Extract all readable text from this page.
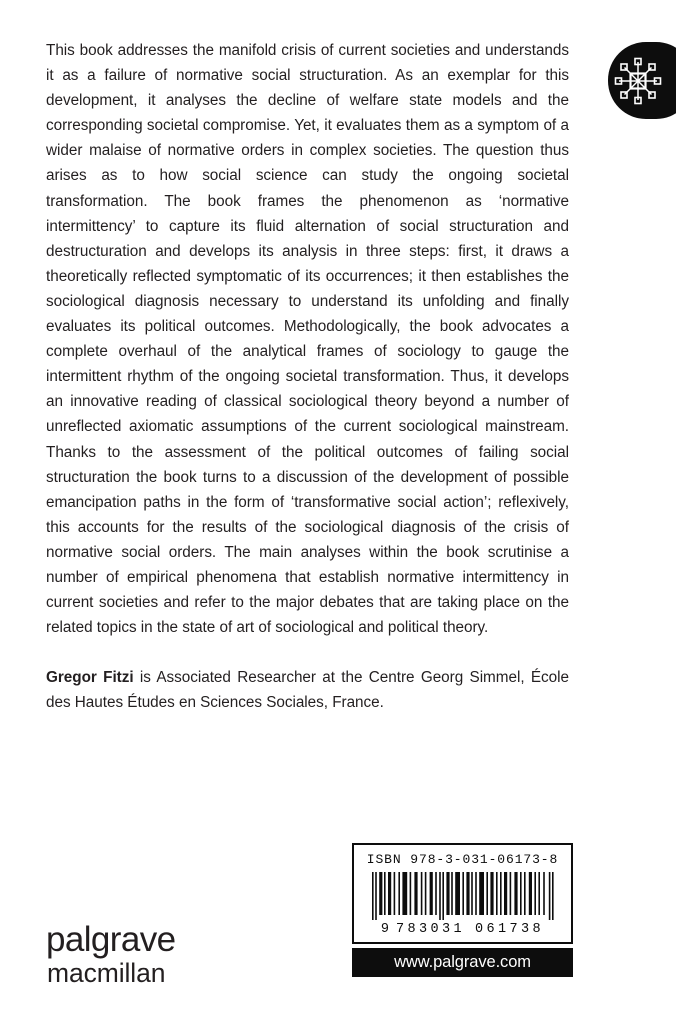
This book addresses the manifold crisis of current societies and understands it as a failure of normative social structuration. As an exemplar for this development, it analyses the decline of welfare state models and the corresponding societal compromise. Yet, it evaluates them as a symptom of a wider malaise of normative orders in complex societies. The question thus arises as to how social science can study the ongoing societal transformation. The book frames the phenomenon as ‘normative intermittency’ to capture its fluid alternation of social structuration and destructuration and develops its analysis in three steps: first, it draws a theoretically reflected symptomatic of its occurrences; it then establishes the sociological diagnosis necessary to understand its unfolding and finally evaluates its political outcomes. Methodologically, the book advocates a complete overhaul of the analytical frames of sociology to gauge the intermittent rhythm of the ongoing societal transformation. Thus, it develops an innovative reading of classical sociological theory beyond a number of unreflected axiomatic assumptions of the current sociological mainstream. Thanks to the assessment of the political outcomes of failing social structuration the book turns to a discussion of the development of possible emancipation paths in the form of ‘transformative social action’; reflexively, this accounts for the results of the sociological diagnosis of the crisis of normative social orders. The main analyses within the book scrutinise a number of empirical phenomena that establish normative intermittency in current societies and refer to the major debates that are taking place on the related topics in the state of art of sociological and political theory.

Gregor Fitzi is Associated Researcher at the Centre Georg Simmel, École des Hautes Études en Sciences Sociales, France.

palgrave
macmillan
ISBN 978-3-031-06173-8
9 783031 061738
www.palgrave.com
